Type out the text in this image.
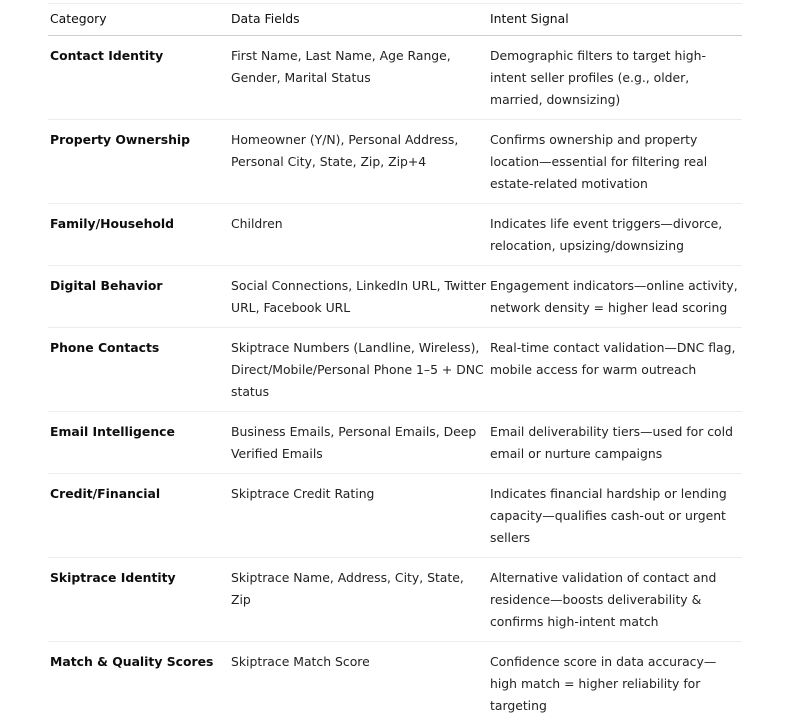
Category	Data Fields	Intent Signal
Contact Identity	First Name, Last Name, Age Range, Gender, Marital Status	Demographic filters to target high-intent seller profiles (e.g., older, married, downsizing)
Property Ownership	Homeowner (Y/N), Personal Address, Personal City, State, Zip, Zip+4	Confirms ownership and property location—essential for filtering real estate-related motivation
Family/Household	Children	Indicates life event triggers—divorce, relocation, upsizing/downsizing
Digital Behavior	Social Connections, LinkedIn URL, Twitter URL, Facebook URL	Engagement indicators—online activity, network density = higher lead scoring
Phone Contacts	Skiptrace Numbers (Landline, Wireless), Direct/Mobile/Personal Phone 1–5 + DNC status	Real-time contact validation—DNC flag, mobile access for warm outreach
Email Intelligence	Business Emails, Personal Emails, Deep Verified Emails	Email deliverability tiers—used for cold email or nurture campaigns
Credit/Financial	Skiptrace Credit Rating	Indicates financial hardship or lending capacity—qualifies cash-out or urgent sellers
Skiptrace Identity	Skiptrace Name, Address, City, State, Zip	Alternative validation of contact and residence—boosts deliverability & confirms high-intent match
Match & Quality Scores	Skiptrace Match Score	Confidence score in data accuracy—high match = higher reliability for targeting
